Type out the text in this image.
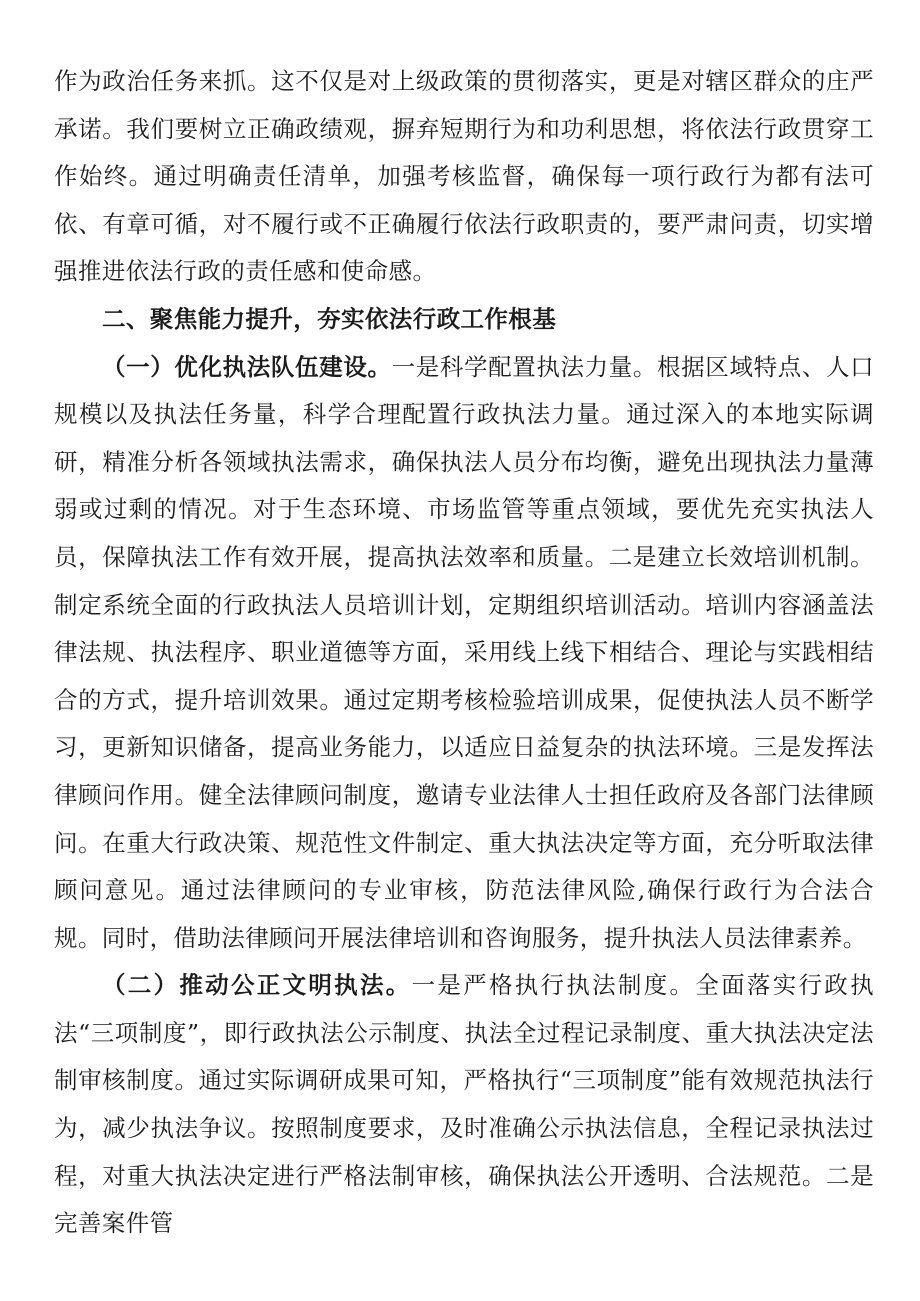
作为政治任务来抓。这不仅是对上级政策的贯彻落实，更是对辖区群众的庄严承诺。我们要树立正确政绩观，摒弃短期行为和功利思想，将依法行政贯穿工作始终。通过明确责任清单，加强考核监督，确保每一项行政行为都有法可依、有章可循，对不履行或不正确履行依法行政职责的，要严肃问责，切实增强推进依法行政的责任感和使命感。

二、聚焦能力提升，夯实依法行政工作根基

（一）优化执法队伍建设。一是科学配置执法力量。根据区域特点、人口规模以及执法任务量，科学合理配置行政执法力量。通过深入的本地实际调研，精准分析各领域执法需求，确保执法人员分布均衡，避免出现执法力量薄弱或过剩的情况。对于生态环境、市场监管等重点领域，要优先充实执法人员，保障执法工作有效开展，提高执法效率和质量。二是建立长效培训机制。制定系统全面的行政执法人员培训计划，定期组织培训活动。培训内容涵盖法律法规、执法程序、职业道德等方面，采用线上线下相结合、理论与实践相结合的方式，提升培训效果。通过定期考核检验培训成果，促使执法人员不断学习，更新知识储备，提高业务能力，以适应日益复杂的执法环境。三是发挥法律顾问作用。健全法律顾问制度，邀请专业法律人士担任政府及各部门法律顾问。在重大行政决策、规范性文件制定、重大执法决定等方面，充分听取法律顾问意见。通过法律顾问的专业审核，防范法律风险,确保行政行为合法合规。同时，借助法律顾问开展法律培训和咨询服务，提升执法人员法律素养。

（二）推动公正文明执法。一是严格执行执法制度。全面落实行政执法“三项制度”，即行政执法公示制度、执法全过程记录制度、重大执法决定法制审核制度。通过实际调研成果可知，严格执行“三项制度”能有效规范执法行为，减少执法争议。按照制度要求，及时准确公示执法信息，全程记录执法过程，对重大执法决定进行严格法制审核，确保执法公开透明、合法规范。二是完善案件管
